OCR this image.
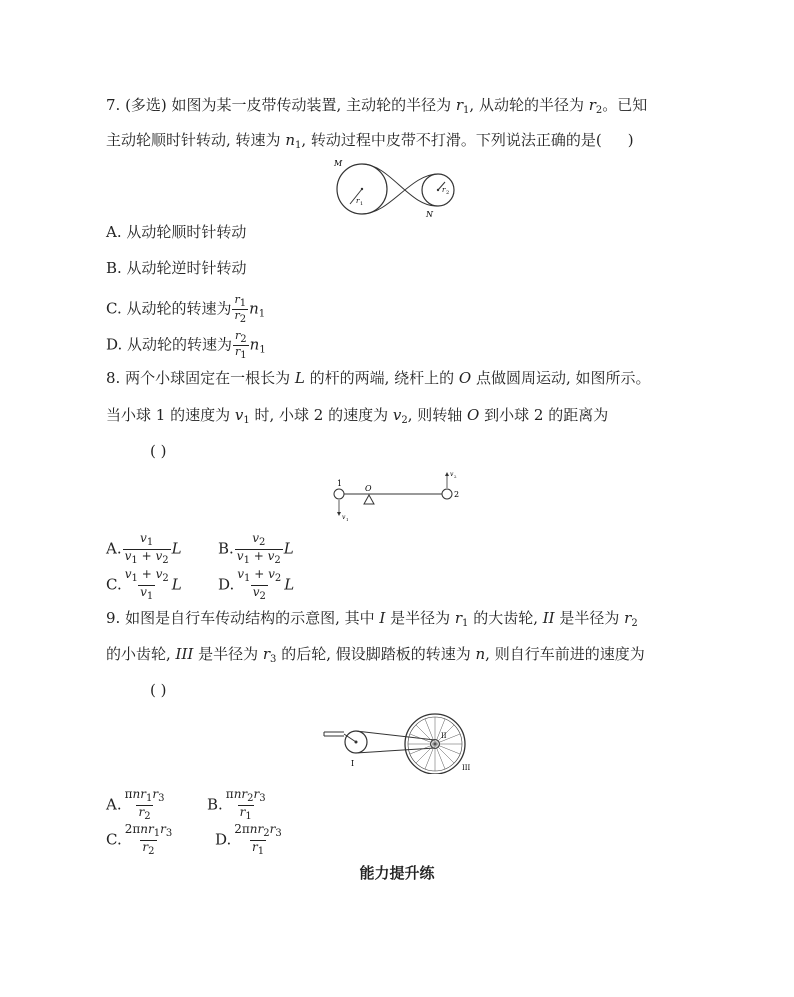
7. (多选) 如图为某一皮带传动装置, 主动轮的半径为 $r_1$, 从动轮的半径为 $r_2$。已知
主动轮顺时针转动, 转速为 $n_1$, 转动过程中皮带不打滑。下列说法正确的是( )
M
N
r 1
r 2
A. 从动轮顺时针转动
B. 从动轮逆时针转动
C. 从动轮的转速为 $\frac{r_1}{r_2} n_1$
D. 从动轮的转速为 $\frac{r_2}{r_1} n_1$
8. 两个小球固定在一根长为 L 的杆的两端, 绕杆上的 O 点做圆周运动, 如图所示。
当小球 1 的速度为 $v_1$ 时, 小球 2 的速度为 $v_2$, 则转轴 O 到小球 2 的距离为
( )
1
2
O
v 1
v 2
A. $\frac{v_1}{v_1 + v_2}$ L B. $\frac{v_2}{v_1 + v_2}$ L
C. $\frac{v_1 + v_2}{v_1}$ L D. $\frac{v_1 + v_2}{v_2}$ L
9. 如图是自行车传动结构的示意图, 其中 I 是半径为 $r_1$ 的大齿轮, II 是半径为 $r_2$
的小齿轮, III 是半径为 $r_3$ 的后轮, 假设脚踏板的转速为 n, 则自行车前进的速度为
( )
I
II
III
A. $\frac{\pi nr_1r_3}{r_2}$	B. $\frac{\pi nr_2r_3}{r_1}$
C. $\frac{2\pi nr_1r_3}{r_2}$	D. $\frac{2\pi nr_2r_3}{r_1}$
能力提升练
